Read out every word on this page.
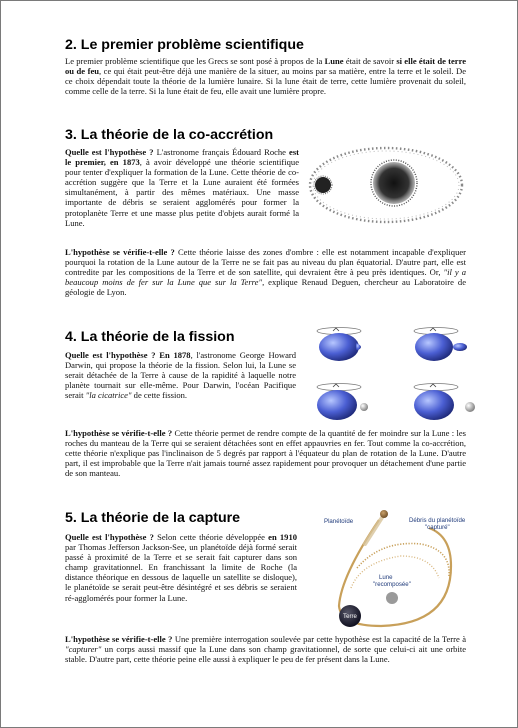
2. Le premier problème scientifique
Le premier problème scientifique que les Grecs se sont posé à propos de la Lune était de savoir si elle était de terre ou de feu, ce qui était peut-être déjà une manière de la situer, au moins par sa matière, entre la terre et le soleil. De ce choix dépendait toute la théorie de la lumière lunaire. Si la lune était de terre, cette lumière provenait du soleil, comme celle de la terre. Si la lune était de feu, elle avait une lumière propre.
3. La théorie de la co-accrétion
Quelle est l'hypothèse ? L'astronome français Édouard Roche est le premier, en 1873, à avoir développé une théorie scientifique pour tenter d'expliquer la formation de la Lune. Cette théorie de co-accrétion suggère que la Terre et la Lune auraient été formées simultanément, à partir des mêmes matériaux. Une masse importante de débris se seraient agglomérés pour former la protoplanète Terre et une masse plus petite d'objets aurait formé la Lune.
L'hypothèse se vérifie-t-elle ? Cette théorie laisse des zones d'ombre : elle est notamment incapable d'expliquer pourquoi la rotation de la Lune autour de la Terre ne se fait pas au niveau du plan équatorial. D'autre part, elle est contredite par les compositions de la Terre et de son satellite, qui devraient être à peu près identiques. Or, "il y a beaucoup moins de fer sur la Lune que sur la Terre", explique Renaud Deguen, chercheur au Laboratoire de géologie de Lyon.
4. La théorie de la fission
Quelle est l'hypothèse ? En 1878, l'astronome George Howard Darwin, qui propose la théorie de la fission. Selon lui, la Lune se serait détachée de la Terre à cause de la rapidité à laquelle notre planète tournait sur elle-même. Pour Darwin, l'océan Pacifique serait "la cicatrice" de cette fission.
L'hypothèse se vérifie-t-elle ? Cette théorie permet de rendre compte de la quantité de fer moindre sur la Lune : les roches du manteau de la Terre qui se seraient détachées sont en effet appauvries en fer. Tout comme la co-accrétion, cette théorie n'explique pas l'inclinaison de 5 degrés par rapport à l'équateur du plan de rotation de la Lune. D'autre part, il est improbable que la Terre n'ait jamais tourné assez rapidement pour provoquer un détachement d'une partie de son manteau.
5. La théorie de la capture
Quelle est l'hypothèse ? Selon cette théorie développée en 1910 par Thomas Jefferson Jackson-See, un planétoïde déjà formé serait passé à proximité de la Terre et se serait fait capturer dans son champ gravitationnel. En franchissant la limite de Roche (la distance théorique en dessous de laquelle un satellite se disloque), le planétoïde se serait peut-être désintégré et ses débris se seraient ré-agglomérés pour former la Lune.
Terre
Planétoïde	Débris du planétoïde
"capturé"
Lune
"recomposée"
L'hypothèse se vérifie-t-elle ? Une première interrogation soulevée par cette hypothèse est la capacité de la Terre à "capturer" un corps aussi massif que la Lune dans son champ gravitationnel, de sorte que celui-ci ait une orbite stable. D'autre part, cette théorie peine elle aussi à expliquer le peu de fer présent dans la Lune.
